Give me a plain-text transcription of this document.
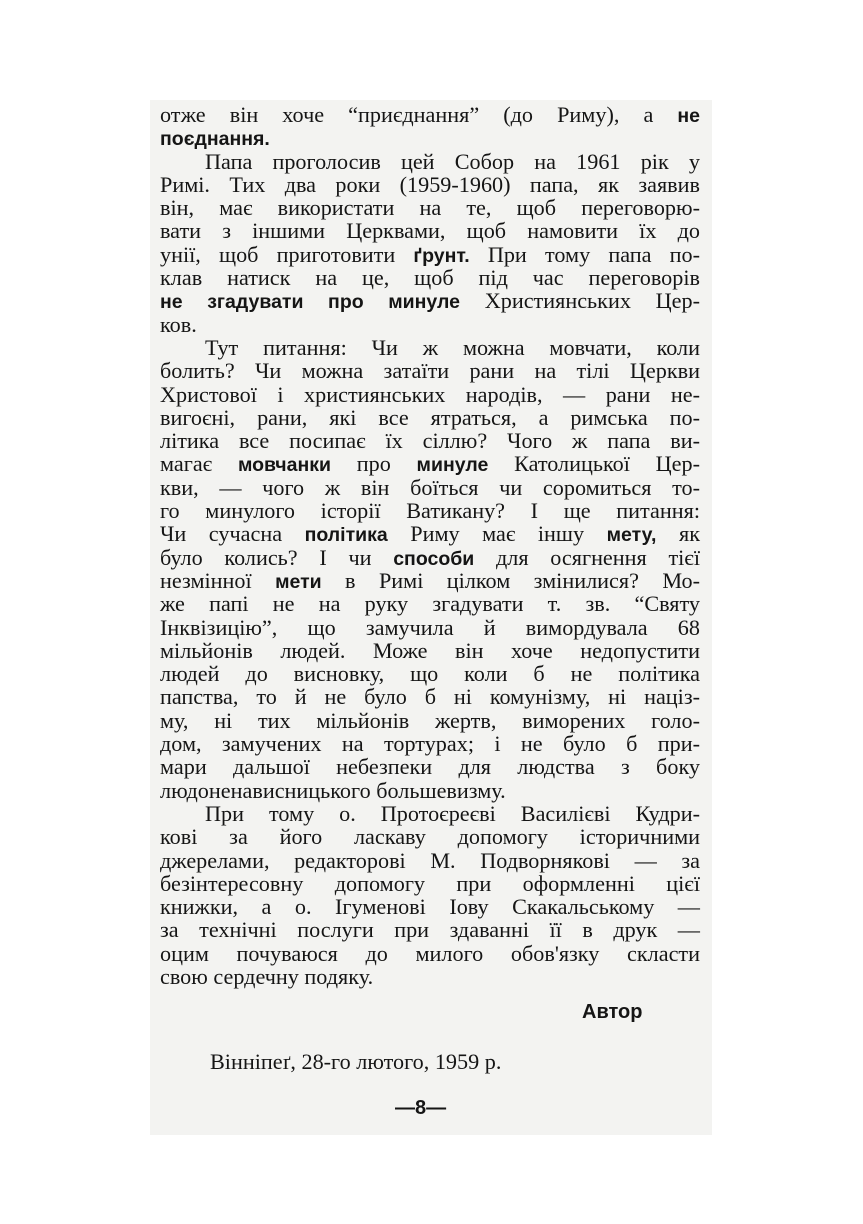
отже він хоче “приєднання” (до Риму), а не
поєднання.
Папа проголосив цей Собор на 1961 рік у
Римі. Тих два роки (1959-1960) папа, як заявив
він, має використати на те, щоб переговорю-
вати з іншими Церквами, щоб намовити їх до
унії, щоб приготовити ґрунт. При тому папа по-
клав натиск на це, щоб під час переговорів
не згадувати про минуле Християнських Цер-
ков.
Тут питання: Чи ж можна мовчати, коли
болить? Чи можна затаїти рани на тілі Церкви
Христової і християнських народів, — рани не-
вигоєні, рани, які все ятраться, а римська по-
літика все посипає їх сіллю? Чого ж папа ви-
магає мовчанки про минуле Католицької Цер-
кви, — чого ж він боїться чи соромиться то-
го минулого історії Ватикану? І ще питання:
Чи сучасна політика Риму має іншу мету, як
було колись? І чи способи для осягнення тієї
незмінної мети в Римі цілком змінилися? Мо-
же папі не на руку згадувати т. зв. “Святу
Інквізицію”, що замучила й вимордувала 68
мільйонів людей. Може він хоче недопустити
людей до висновку, що коли б не політика
папства, то й не було б ні комунізму, ні націз-
му, ні тих мільйонів жертв, виморених голо-
дом, замучених на тортурах; і не було б при-
мари дальшої небезпеки для людства з боку
людоненависницького большевизму.
При тому о. Протоєреєві Василієві Кудри-
кові за його ласкаву допомогу історичними
джерелами, редакторові М. Подворнякові — за
безінтересовну допомогу при оформленні цієї
книжки, а о. Ігуменові Іову Скакальському —
за технічні послуги при здаванні її в друк —
оцим почуваюся до милого обов'язку скласти
свою сердечну подяку.
Автор
Вінніпеґ, 28-го лютого, 1959 р.
—8—
